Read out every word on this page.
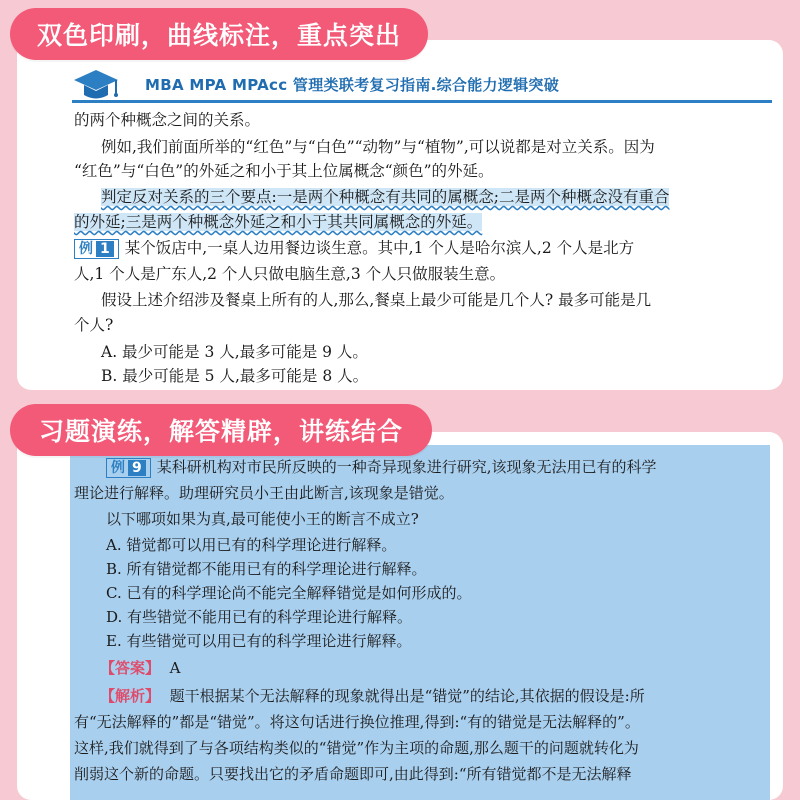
双色印刷，曲线标注，重点突出
习题演练，解答精辟，讲练结合
MBA MPA MPAcc 管理类联考复习指南.综合能力逻辑突破
的两个种概念之间的关系。
例如,我们前面所举的“红色”与“白色”“动物”与“植物”,可以说都是对立关系。因为
“红色”与“白色”的外延之和小于其上位属概念“颜色”的外延。
判定反对关系的三个要点:一是两个种概念有共同的属概念;二是两个种概念没有重合
的外延;三是两个种概念外延之和小于其共同属概念的外延。
例 1 某个饭店中,一桌人边用餐边谈生意。其中,1 个人是哈尔滨人,2 个人是北方
人,1 个人是广东人,2 个人只做电脑生意,3 个人只做服装生意。
假设上述介绍涉及餐桌上所有的人,那么,餐桌上最少可能是几个人? 最多可能是几
个人?
A. 最少可能是 3 人,最多可能是 9 人。
B. 最少可能是 5 人,最多可能是 8 人。
例 9 某科研机构对市民所反映的一种奇异现象进行研究,该现象无法用已有的科学
理论进行解释。助理研究员小王由此断言,该现象是错觉。
以下哪项如果为真,最可能使小王的断言不成立?
A. 错觉都可以用已有的科学理论进行解释。
B. 所有错觉都不能用已有的科学理论进行解释。
C. 已有的科学理论尚不能完全解释错觉是如何形成的。
D. 有些错觉不能用已有的科学理论进行解释。
E. 有些错觉可以用已有的科学理论进行解释。
【答案】 A
【解析】 题干根据某个无法解释的现象就得出是“错觉”的结论,其依据的假设是:所
有“无法解释的”都是“错觉”。将这句话进行换位推理,得到:“有的错觉是无法解释的”。
这样,我们就得到了与各项结构类似的“错觉”作为主项的命题,那么题干的问题就转化为
削弱这个新的命题。只要找出它的矛盾命题即可,由此得到:“所有错觉都不是无法解释
